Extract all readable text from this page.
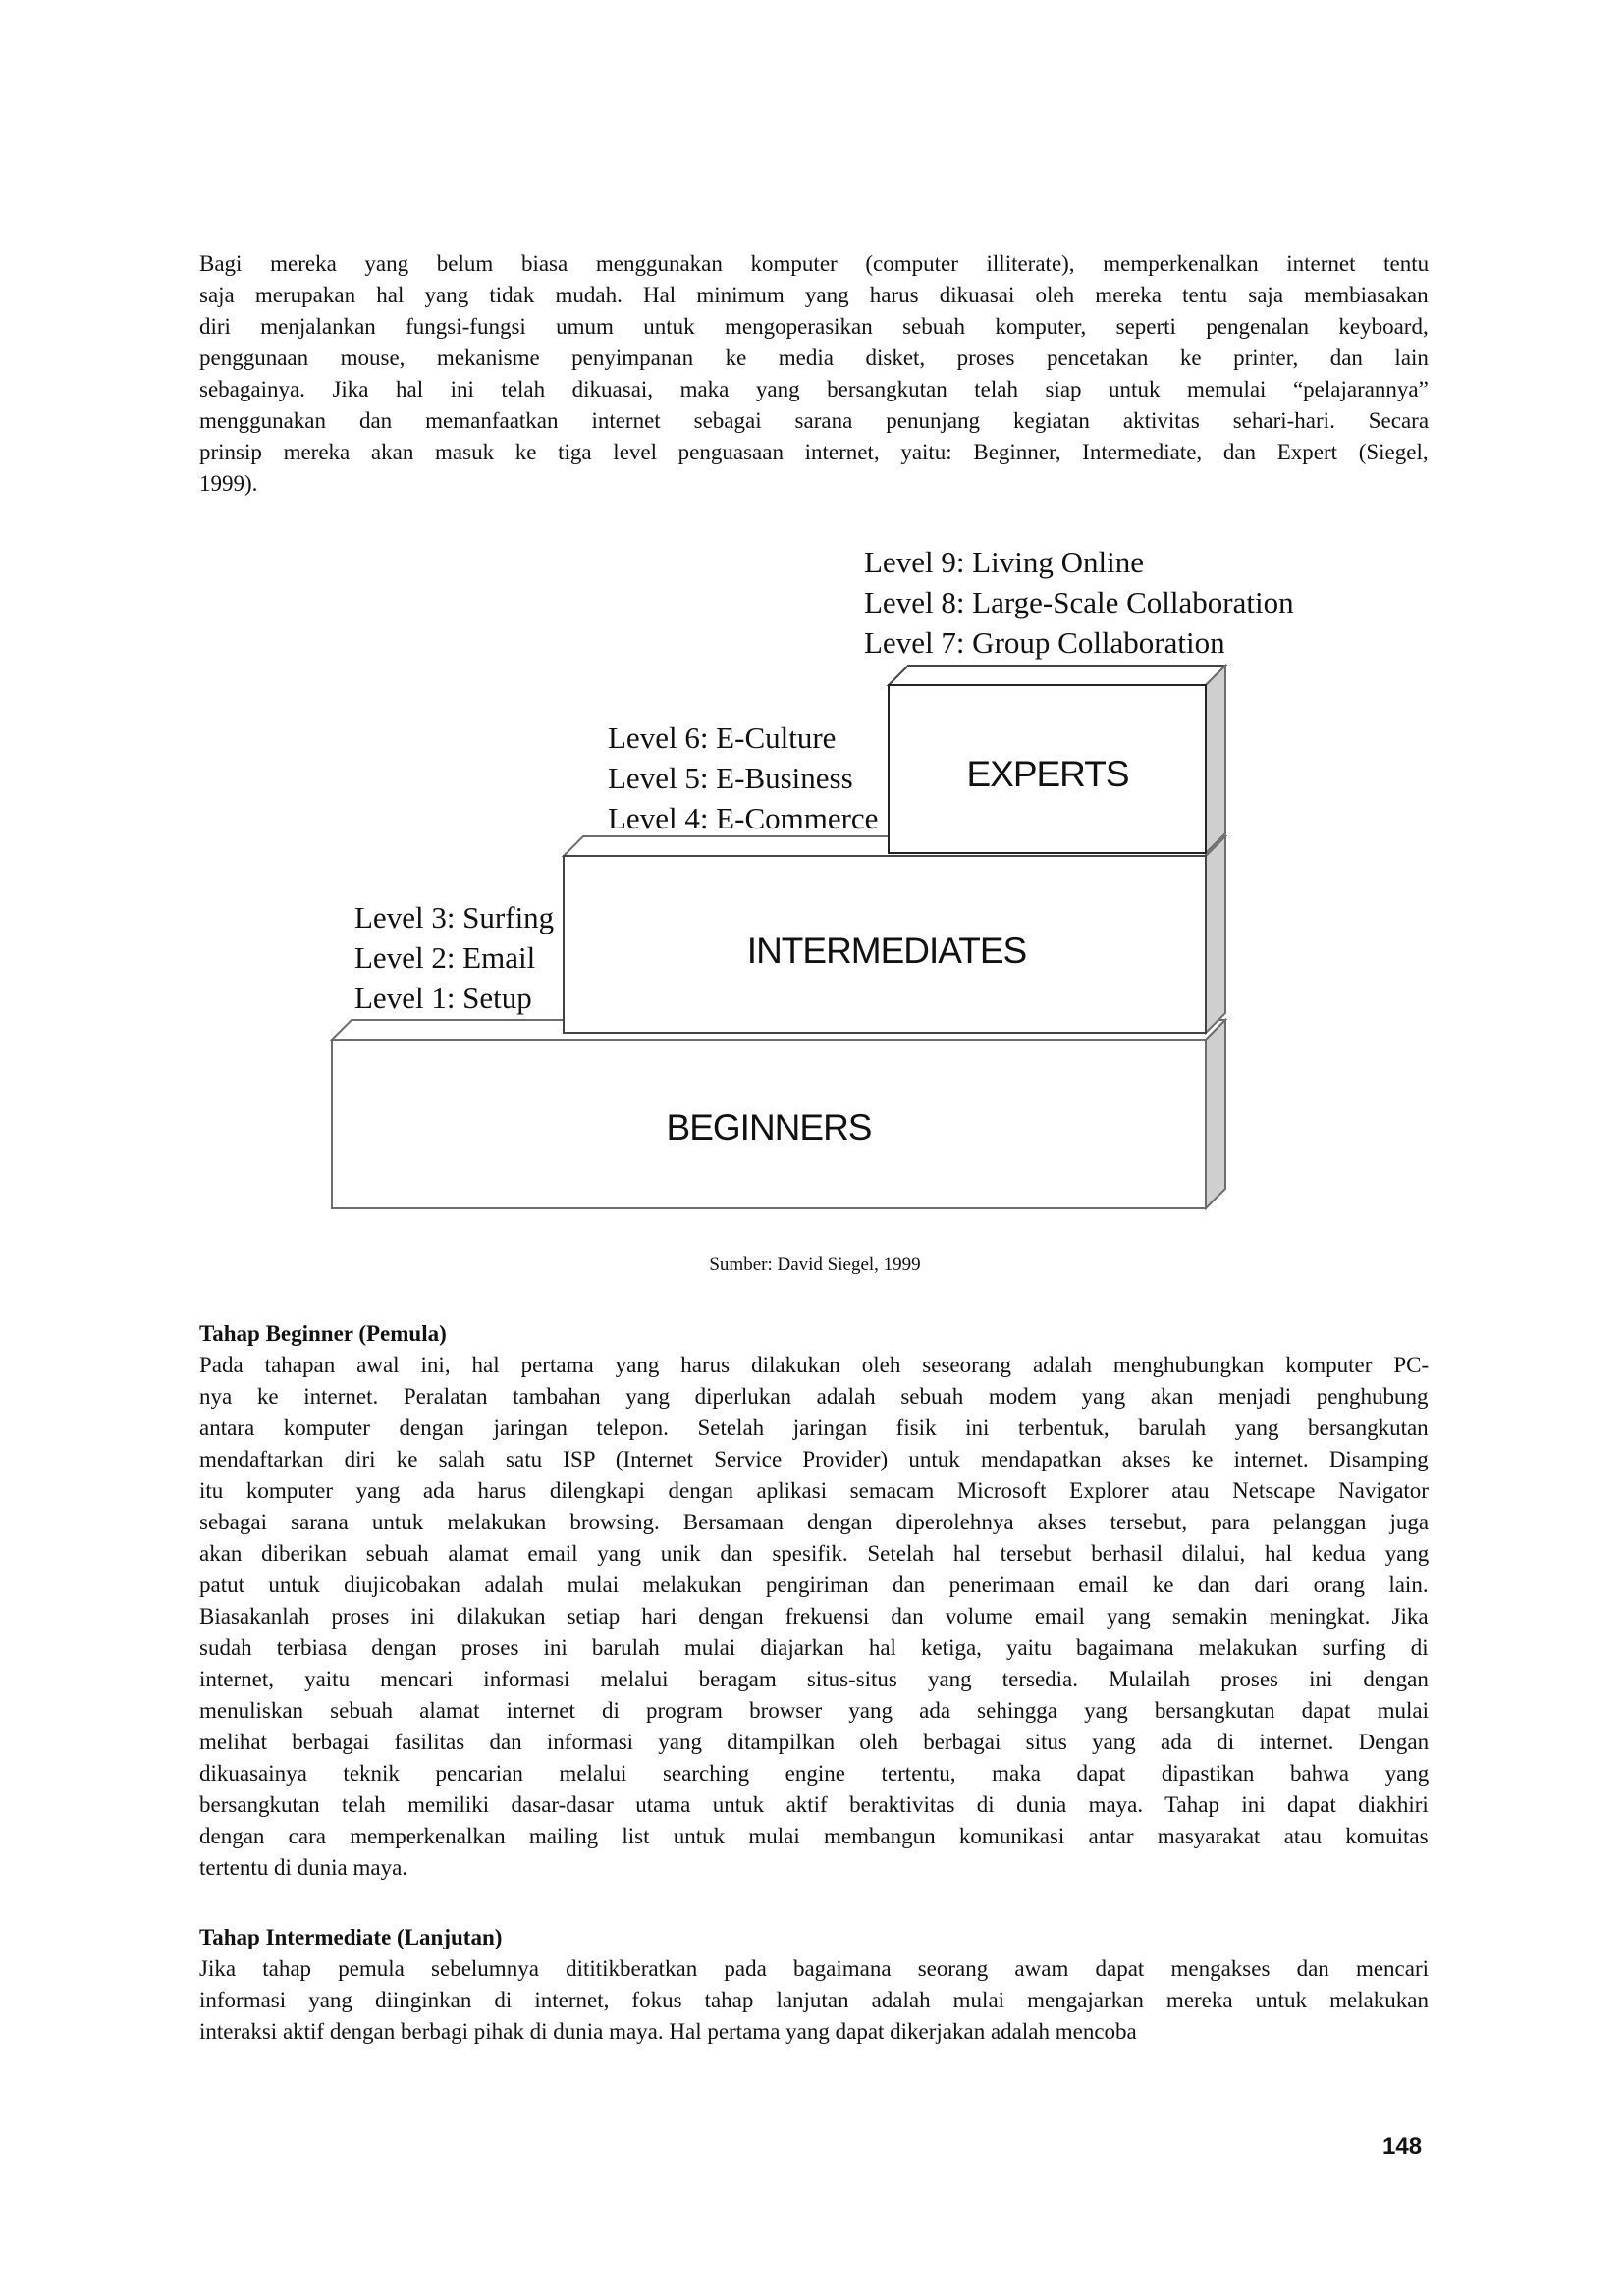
Bagi mereka yang belum biasa menggunakan komputer (computer illiterate), memperkenalkan internet tentu
saja merupakan hal yang tidak mudah. Hal minimum yang harus dikuasai oleh mereka tentu saja membiasakan
diri menjalankan fungsi-fungsi umum untuk mengoperasikan sebuah komputer, seperti pengenalan keyboard,
penggunaan mouse, mekanisme penyimpanan ke media disket, proses pencetakan ke printer, dan lain
sebagainya. Jika hal ini telah dikuasai, maka yang bersangkutan telah siap untuk memulai “pelajarannya”
menggunakan dan memanfaatkan internet sebagai sarana penunjang kegiatan aktivitas sehari-hari. Secara
prinsip mereka akan masuk ke tiga level penguasaan internet, yaitu: Beginner, Intermediate, dan Expert (Siegel,
1999).
BEGINNERS
INTERMEDIATES
EXPERTS
Level 3: Surfing
Level 2: Email
Level 1: Setup
Level 6: E-Culture
Level 5: E-Business
Level 4: E-Commerce
Level 9: Living Online
Level 8: Large-Scale Collaboration
Level 7: Group Collaboration
Sumber: David Siegel, 1999
Tahap Beginner (Pemula)
Pada tahapan awal ini, hal pertama yang harus dilakukan oleh seseorang adalah menghubungkan komputer PC-
nya ke internet. Peralatan tambahan yang diperlukan adalah sebuah modem yang akan menjadi penghubung
antara komputer dengan jaringan telepon. Setelah jaringan fisik ini terbentuk, barulah yang bersangkutan
mendaftarkan diri ke salah satu ISP (Internet Service Provider) untuk mendapatkan akses ke internet. Disamping
itu komputer yang ada harus dilengkapi dengan aplikasi semacam Microsoft Explorer atau Netscape Navigator
sebagai sarana untuk melakukan browsing. Bersamaan dengan diperolehnya akses tersebut, para pelanggan juga
akan diberikan sebuah alamat email yang unik dan spesifik. Setelah hal tersebut berhasil dilalui, hal kedua yang
patut untuk diujicobakan adalah mulai melakukan pengiriman dan penerimaan email ke dan dari orang lain.
Biasakanlah proses ini dilakukan setiap hari dengan frekuensi dan volume email yang semakin meningkat. Jika
sudah terbiasa dengan proses ini barulah mulai diajarkan hal ketiga, yaitu bagaimana melakukan surfing di
internet, yaitu mencari informasi melalui beragam situs-situs yang tersedia. Mulailah proses ini dengan
menuliskan sebuah alamat internet di program browser yang ada sehingga yang bersangkutan dapat mulai
melihat berbagai fasilitas dan informasi yang ditampilkan oleh berbagai situs yang ada di internet. Dengan
dikuasainya teknik pencarian melalui searching engine tertentu, maka dapat dipastikan bahwa yang
bersangkutan telah memiliki dasar-dasar utama untuk aktif beraktivitas di dunia maya. Tahap ini dapat diakhiri
dengan cara memperkenalkan mailing list untuk mulai membangun komunikasi antar masyarakat atau komuitas
tertentu di dunia maya.
Tahap Intermediate (Lanjutan)
Jika tahap pemula sebelumnya dititikberatkan pada bagaimana seorang awam dapat mengakses dan mencari
informasi yang diinginkan di internet, fokus tahap lanjutan adalah mulai mengajarkan mereka untuk melakukan
interaksi aktif dengan berbagi pihak di dunia maya. Hal pertama yang dapat dikerjakan adalah mencoba
148
